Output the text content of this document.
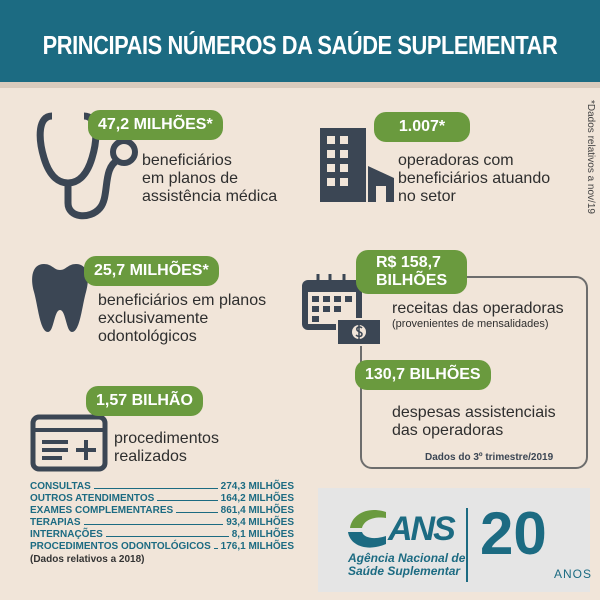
PRINCIPAIS NÚMEROS DA SAÚDE SUPLEMENTAR
*Dados relativos a nov/19
47,2 MILHÕES*
beneficiários
em planos de
assistência médica
1.007*
operadoras com
beneficiários atuando
no setor
25,7 MILHÕES*
beneficiários em planos
exclusivamente
odontológicos
R$ 158,7
BILHÕES
receitas das operadoras
(provenientes de mensalidades)
130,7 BILHÕES
despesas assistenciais
das operadoras
Dados do 3º trimestre/2019
1,57 BILHÃO
procedimentos
realizados
CONSULTAS	274,3 MILHÕES
OUTROS ATENDIMENTOS	164,2 MILHÕES
EXAMES COMPLEMENTARES	861,4 MILHÕES
TERAPIAS	93,4 MILHÕES
INTERNAÇÕES	8,1 MILHÕES
PROCEDIMENTOS ODONTOLÓGICOS 176,1 MILHÕES
(Dados relativos a 2018)
ANS
Agência Nacional de
Saúde Suplementar
20
ANOS
